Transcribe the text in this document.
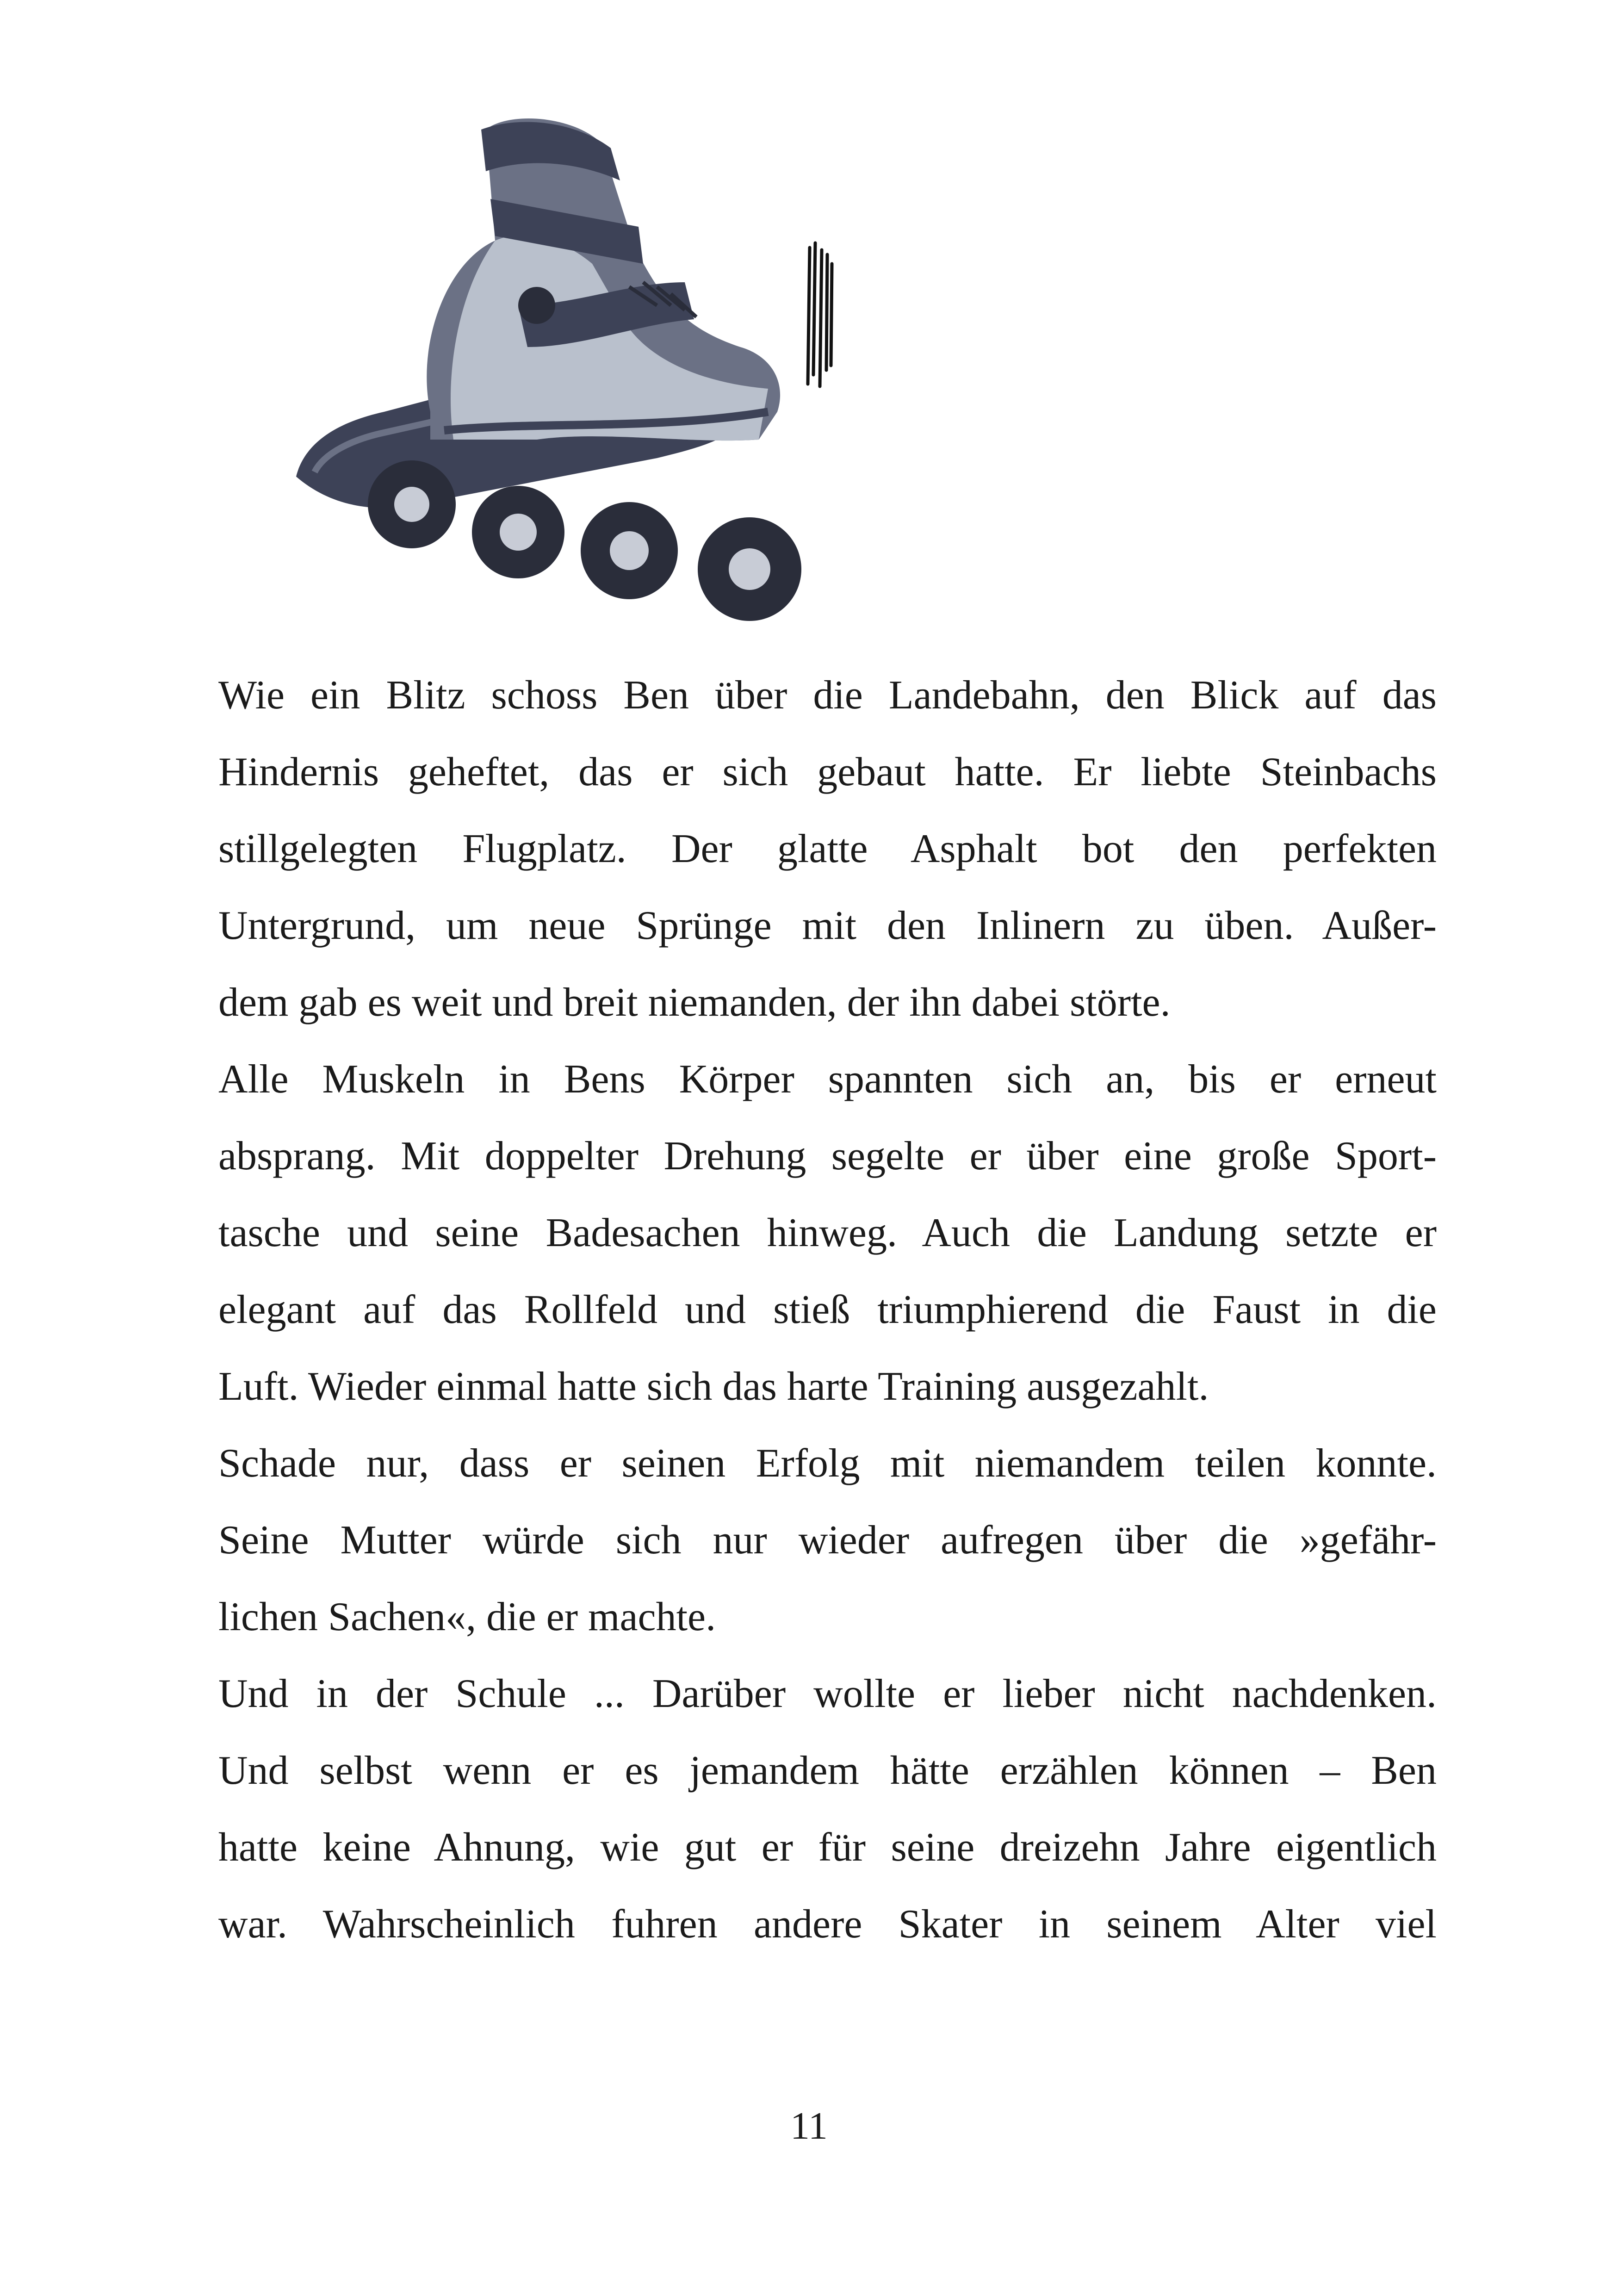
Wie ein Blitz schoss Ben über die Landebahn, den Blick auf das
Hindernis geheftet, das er sich gebaut hatte. Er liebte Steinbachs
stillgelegten Flugplatz. Der glatte Asphalt bot den perfekten
Untergrund, um neue Sprünge mit den Inlinern zu üben. Außer-
dem gab es weit und breit niemanden, der ihn dabei störte.
Alle Muskeln in Bens Körper spannten sich an, bis er erneut
absprang. Mit doppelter Drehung segelte er über eine große Sport-
tasche und seine Badesachen hinweg. Auch die Landung setzte er
elegant auf das Rollfeld und stieß triumphierend die Faust in die
Luft. Wieder einmal hatte sich das harte Training ausgezahlt.
Schade nur, dass er seinen Erfolg mit niemandem teilen konnte.
Seine Mutter würde sich nur wieder aufregen über die »gefähr-
lichen Sachen«, die er machte.
Und in der Schule ... Darüber wollte er lieber nicht nachdenken.
Und selbst wenn er es jemandem hätte erzählen können – Ben
hatte keine Ahnung, wie gut er für seine dreizehn Jahre eigentlich
war. Wahrscheinlich fuhren andere Skater in seinem Alter viel
11
